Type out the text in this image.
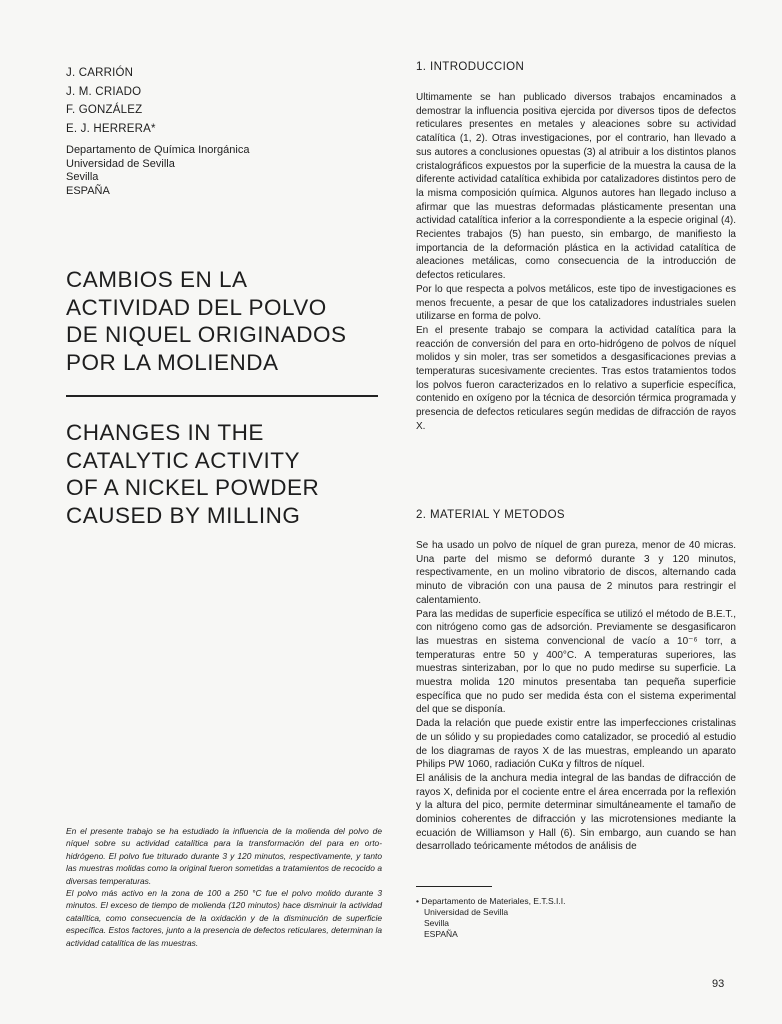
J. CARRIÓN
J. M. CRIADO
F. GONZÁLEZ
E. J. HERRERA*
Departamento de Química Inorgánica
Universidad de Sevilla
Sevilla
ESPAÑA
CAMBIOS EN LA
ACTIVIDAD DEL POLVO
DE NIQUEL ORIGINADOS
POR LA MOLIENDA
CHANGES IN THE
CATALYTIC ACTIVITY
OF A NICKEL POWDER
CAUSED BY MILLING

En el presente trabajo se ha estudiado la influencia de la molienda del polvo de níquel sobre su actividad catalítica para la transformación del para en orto-hidrógeno. El polvo fue triturado durante 3 y 120 minutos, respectivamente, y tanto las muestras molidas como la original fueron sometidas a tratamientos de recocido a diversas temperaturas.

El polvo más activo en la zona de 100 a 250 °C fue el polvo molido durante 3 minutos. El exceso de tiempo de molienda (120 minutos) hace disminuir la actividad catalítica, como consecuencia de la oxidación y de la disminución de superficie específica. Estos factores, junto a la presencia de defectos reticulares, determinan la actividad catalítica de las muestras.

1. INTRODUCCION

Ultimamente se han publicado diversos trabajos encaminados a demostrar la influencia positiva ejercida por diversos tipos de defectos reticulares presentes en metales y aleaciones sobre su actividad catalítica (1, 2). Otras investigaciones, por el contrario, han llevado a sus autores a conclusiones opuestas (3) al atribuir a los distintos planos cristalográficos expuestos por la superficie de la muestra la causa de la diferente actividad catalítica exhibida por catalizadores distintos pero de la misma composición química. Algunos autores han llegado incluso a afirmar que las muestras deformadas plásticamente presentan una actividad catalítica inferior a la correspondiente a la especie original (4). Recientes trabajos (5) han puesto, sin embargo, de manifiesto la importancia de la deformación plástica en la actividad catalítica de aleaciones metálicas, como consecuencia de la introducción de defectos reticulares.

Por lo que respecta a polvos metálicos, este tipo de investigaciones es menos frecuente, a pesar de que los catalizadores industriales suelen utilizarse en forma de polvo.

En el presente trabajo se compara la actividad catalítica para la reacción de conversión del para en orto-hidrógeno de polvos de níquel molidos y sin moler, tras ser sometidos a desgasificaciones previas a temperaturas sucesivamente crecientes. Tras estos tratamientos todos los polvos fueron caracterizados en lo relativo a superficie específica, contenido en oxígeno por la técnica de desorción térmica programada y presencia de defectos reticulares según medidas de difracción de rayos X.

2. MATERIAL Y METODOS

Se ha usado un polvo de níquel de gran pureza, menor de 40 micras. Una parte del mismo se deformó durante 3 y 120 minutos, respectivamente, en un molino vibratorio de discos, alternando cada minuto de vibración con una pausa de 2 minutos para restringir el calentamiento.

Para las medidas de superficie específica se utilizó el método de B.E.T., con nitrógeno como gas de adsorción. Previamente se desgasificaron las muestras en sistema convencional de vacío a 10⁻⁶ torr, a temperaturas entre 50 y 400°C. A temperaturas superiores, las muestras sinterizaban, por lo que no pudo medirse su superficie. La muestra molida 120 minutos presentaba tan pequeña superficie específica que no pudo ser medida ésta con el sistema experimental del que se disponía.

Dada la relación que puede existir entre las imperfecciones cristalinas de un sólido y su propiedades como catalizador, se procedió al estudio de los diagramas de rayos X de las muestras, empleando un aparato Philips PW 1060, radiación CuKα y filtros de níquel.

El análisis de la anchura media integral de las bandas de difracción de rayos X, definida por el cociente entre el área encerrada por la reflexión y la altura del pico, permite determinar simultáneamente el tamaño de dominios coherentes de difracción y las microtensiones mediante la ecuación de Williamson y Hall (6). Sin embargo, aun cuando se han desarrollado teóricamente métodos de análisis de

• Departamento de Materiales, E.T.S.I.I.
Universidad de Sevilla
Sevilla
ESPAÑA
93
